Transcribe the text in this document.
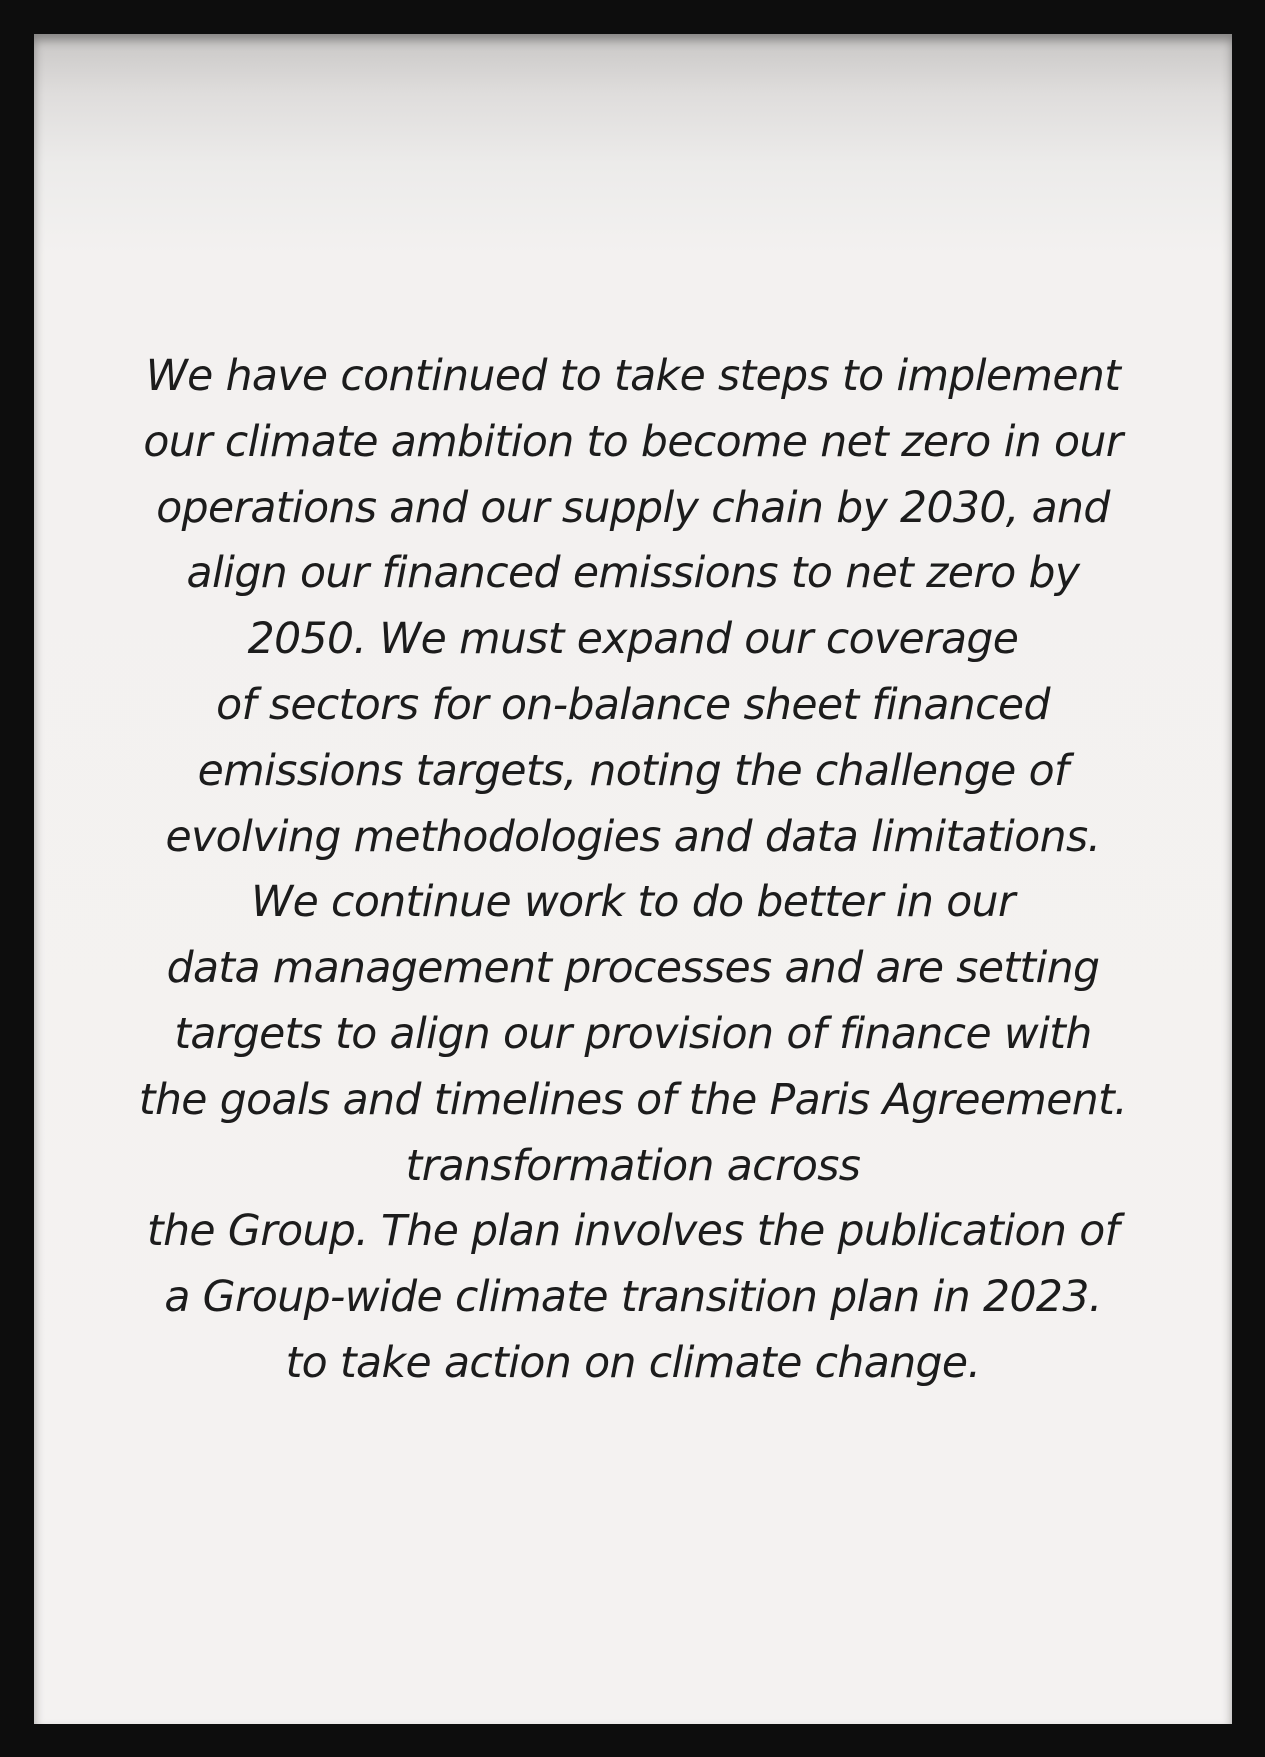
We have continued to take steps to implement
our climate ambition to become net zero in our
operations and our supply chain by 2030, and
align our financed emissions to net zero by
2050. We must expand our coverage
of sectors for on-balance sheet financed
emissions targets, noting the challenge of
evolving methodologies and data limitations.
We continue work to do better in our
data management processes and are setting
targets to align our provision of finance with
the goals and timelines of the Paris Agreement.
transformation across
the Group. The plan involves the publication of
a Group-wide climate transition plan in 2023.
to take action on climate change.
